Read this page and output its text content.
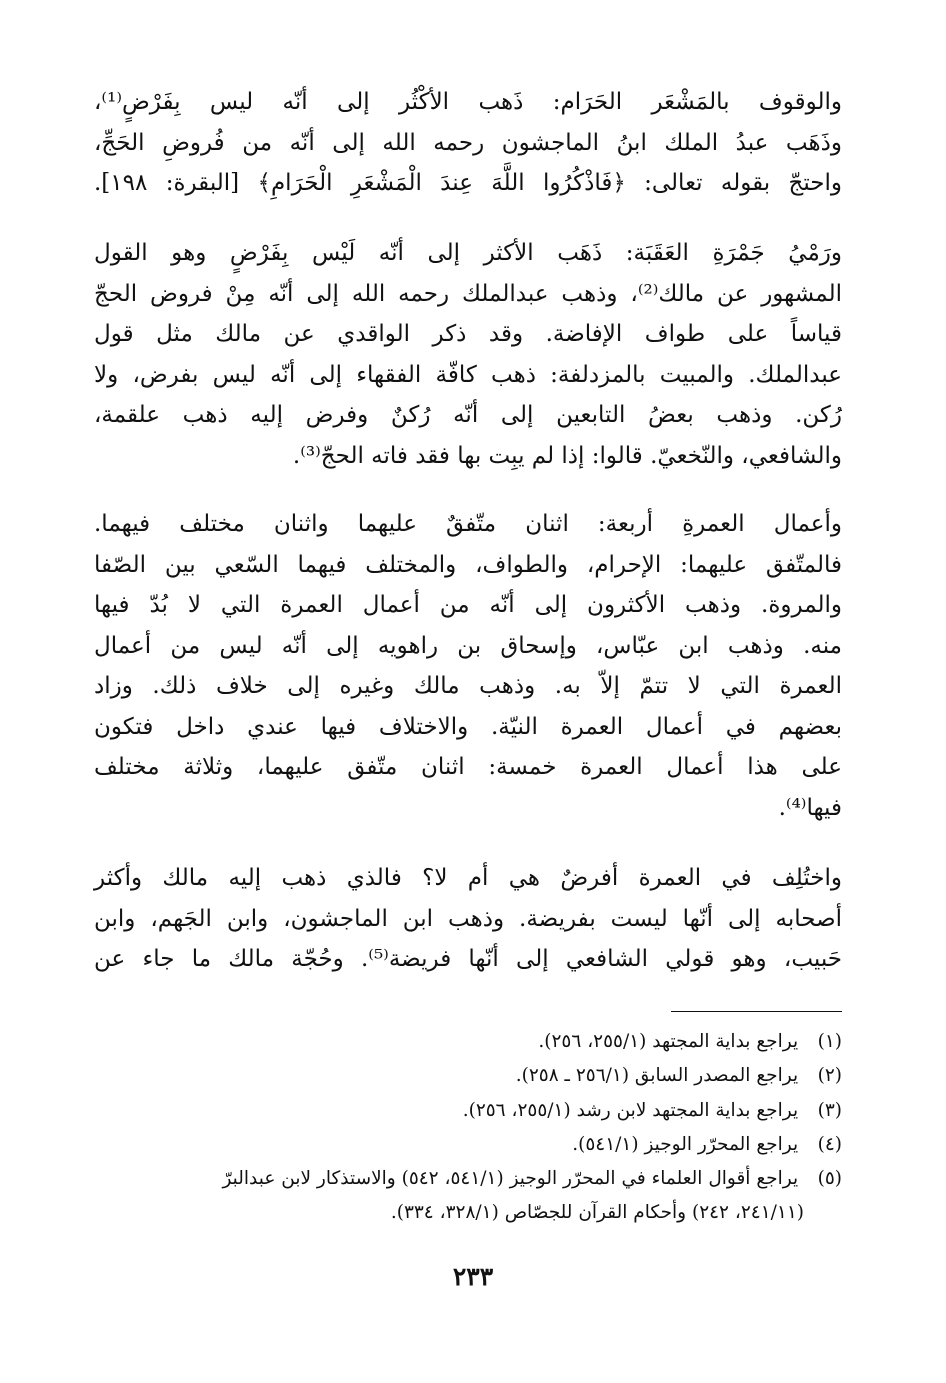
والوقوف بالمَشْعَر الحَرَام: ذَهب الأكْثُر إلى أنّه ليس بِفَرْضٍ⁽¹⁾،
وذَهَب عبدُ الملك ابنُ الماجشون رحمه الله إلى أنّه من فُروضِ الحَجِّ،
واحتجّ بقوله تعالى: ﴿فَاذْكُرُوا اللَّهَ عِندَ الْمَشْعَرِ الْحَرَامِ﴾ [البقرة: ١٩٨].
ورَمْيُ جَمْرَةِ العَقَبَة: ذَهَب الأكثر إلى أنّه لَيْس بِفَرْضٍ وهو القول
المشهور عن مالك⁽²⁾، وذهب عبدالملك رحمه الله إلى أنّه مِنْ فروض الحجّ
قياساً على طواف الإفاضة. وقد ذكر الواقدي عن مالك مثل قول
عبدالملك. والمبيت بالمزدلفة: ذهب كافّة الفقهاء إلى أنّه ليس بفرض، ولا
رُكن. وذهب بعضُ التابعين إلى أنّه رُكنٌ وفرض إليه ذهب علقمة،
والشافعي، والنّخعيّ. قالوا: إذا لم يبِت بها فقد فاته الحجّ⁽³⁾.
وأعمال العمرةِ أربعة: اثنان متّفقٌ عليهما واثنان مختلف فيهما.
فالمتّفق عليهما: الإحرام، والطواف، والمختلف فيهما السّعي بين الصّفا
والمروة. وذهب الأكثرون إلى أنّه من أعمال العمرة التي لا بُدّ فيها
منه. وذهب ابن عبّاس، وإسحاق بن راهويه إلى أنّه ليس من أعمال
العمرة التي لا تتمّ إلاّ به. وذهب مالك وغيره إلى خلاف ذلك. وزاد
بعضهم في أعمال العمرة النيّة. والاختلاف فيها عندي داخل فتكون
على هذا أعمال العمرة خمسة: اثنان متّفق عليهما، وثلاثة مختلف
فيها⁽⁴⁾.
واختُلِف في العمرة أفرضٌ هي أم لا؟ فالذي ذهب إليه مالك وأكثر
أصحابه إلى أنّها ليست بفريضة. وذهب ابن الماجشون، وابن الجَهم، وابن
حَبيب، وهو قولي الشافعي إلى أنّها فريضة⁽⁵⁾. وحُجّة مالك ما جاء عن
(١) يراجع بداية المجتهد (٢٥٥/١، ٢٥٦).
(٢) يراجع المصدر السابق (٢٥٦/١ ـ ٢٥٨).
(٣) يراجع بداية المجتهد لابن رشد (٢٥٥/١، ٢٥٦).
(٤) يراجع المحرّر الوجيز (٥٤١/١).
(٥) يراجع أقوال العلماء في المحرّر الوجيز (٥٤١/١، ٥٤٢) والاستذكار لابن عبدالبرّ
(٢٤١/١١، ٢٤٢) وأحكام القرآن للجصّاص (٣٢٨/١، ٣٣٤).
٢٣٣
